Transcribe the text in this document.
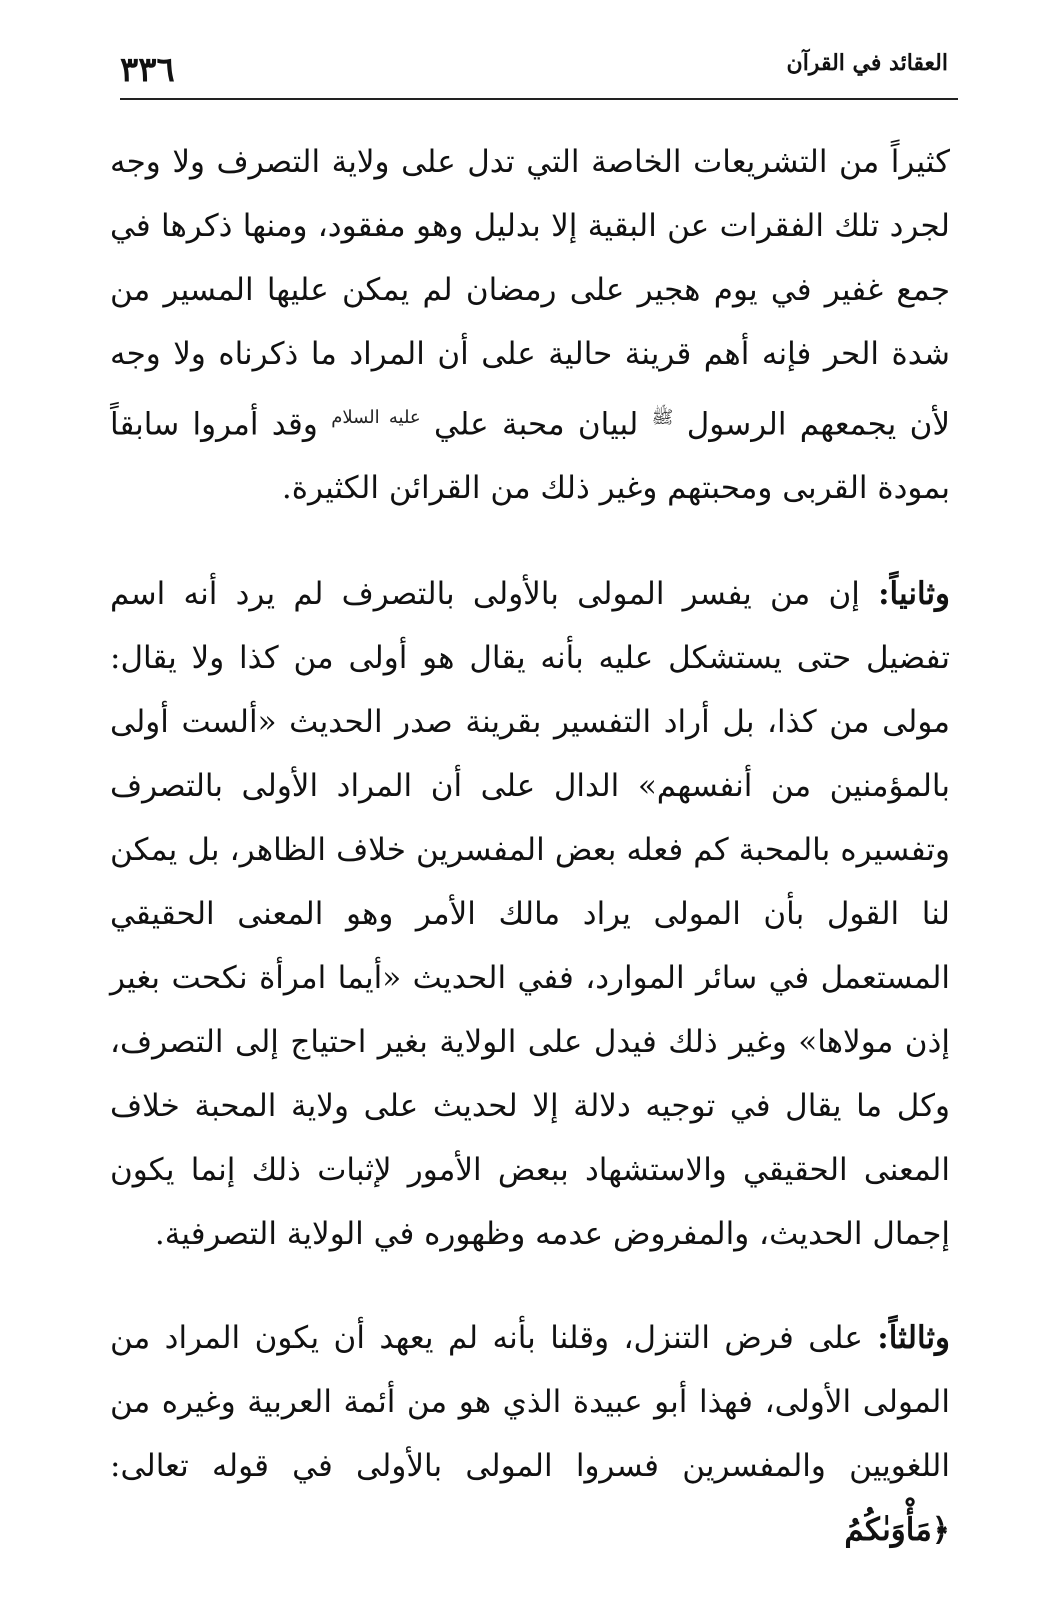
٣٣٦	العقائد في القرآن

كثيراً من التشريعات الخاصة التي تدل على ولاية التصرف ولا وجه لجرد تلك الفقرات عن البقية إلا بدليل وهو مفقود، ومنها ذكرها في جمع غفير في يوم هجير على رمضان لم يمكن عليها المسير من شدة الحر فإنه أهم قرينة حالية على أن المراد ما ذكرناه ولا وجه لأن يجمعهم الرسول $^ﷺ$ لبيان محبة علي $^{عليه السلام}$ وقد أمروا سابقاً بمودة القربى ومحبتهم وغير ذلك من القرائن الكثيرة.

وثانياً: إن من يفسر المولى بالأولى بالتصرف لم يرد أنه اسم تفضيل حتى يستشكل عليه بأنه يقال هو أولى من كذا ولا يقال: مولى من كذا، بل أراد التفسير بقرينة صدر الحديث «ألست أولى بالمؤمنين من أنفسهم» الدال على أن المراد الأولى بالتصرف وتفسيره بالمحبة كم فعله بعض المفسرين خلاف الظاهر، بل يمكن لنا القول بأن المولى يراد مالك الأمر وهو المعنى الحقيقي المستعمل في سائر الموارد، ففي الحديث «أيما امرأة نكحت بغير إذن مولاها» وغير ذلك فيدل على الولاية بغير احتياج إلى التصرف، وكل ما يقال في توجيه دلالة إلا لحديث على ولاية المحبة خلاف المعنى الحقيقي والاستشهاد ببعض الأمور لإثبات ذلك إنما يكون إجمال الحديث، والمفروض عدمه وظهوره في الولاية التصرفية.

وثالثاً: على فرض التنزل، وقلنا بأنه لم يعهد أن يكون المراد من المولى الأولى، فهذا أبو عبيدة الذي هو من أئمة العربية وغيره من اللغويين والمفسرين فسروا المولى بالأولى في قوله تعالى: ﴿مَأْوَىٰكُمُ
